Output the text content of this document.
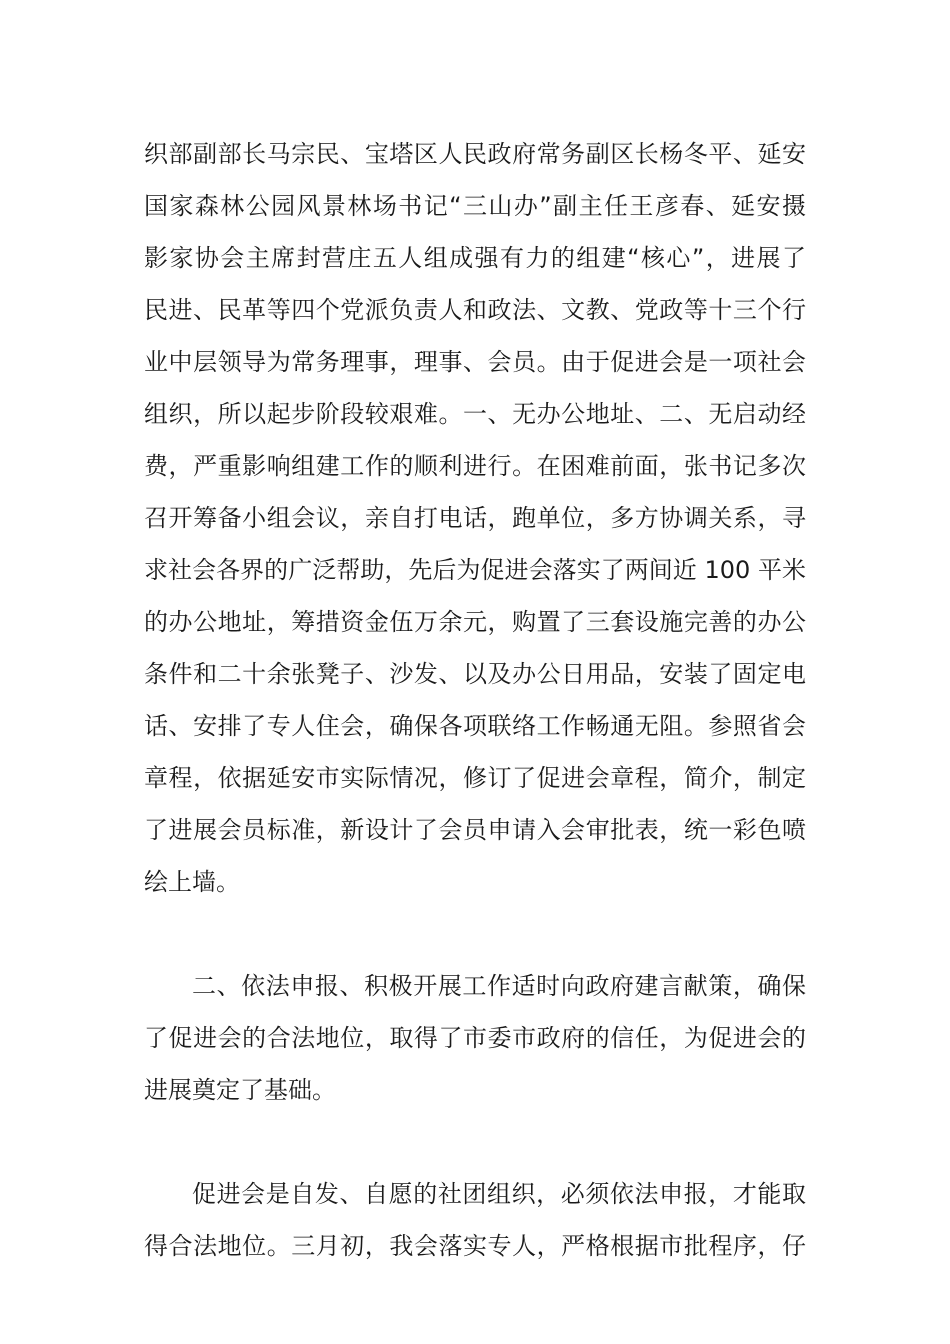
织部副部长马宗民、宝塔区人民政府常务副区长杨冬平、延安
国家森林公园风景林场书记“三山办”副主任王彦春、延安摄
影家协会主席封营庄五人组成强有力的组建“核心”，进展了
民进、民革等四个党派负责人和政法、文教、党政等十三个行
业中层领导为常务理事，理事、会员。由于促进会是一项社会
组织，所以起步阶段较艰难。一、无办公地址、二、无启动经
费，严重影响组建工作的顺利进行。在困难前面，张书记多次
召开筹备小组会议，亲自打电话，跑单位，多方协调关系，寻
求社会各界的广泛帮助，先后为促进会落实了两间近 100 平米
的办公地址，筹措资金伍万余元，购置了三套设施完善的办公
条件和二十余张凳子、沙发、以及办公日用品，安装了固定电
话、安排了专人住会，确保各项联络工作畅通无阻。参照省会
章程，依据延安市实际情况，修订了促进会章程，简介，制定
了进展会员标准，新设计了会员申请入会审批表，统一彩色喷
绘上墙。
二、依法申报、积极开展工作适时向政府建言献策，确保
了促进会的合法地位，取得了市委市政府的信任，为促进会的
进展奠定了基础。
促进会是自发、自愿的社团组织，必须依法申报，才能取
得合法地位。三月初，我会落实专人，严格根据市批程序，仔
